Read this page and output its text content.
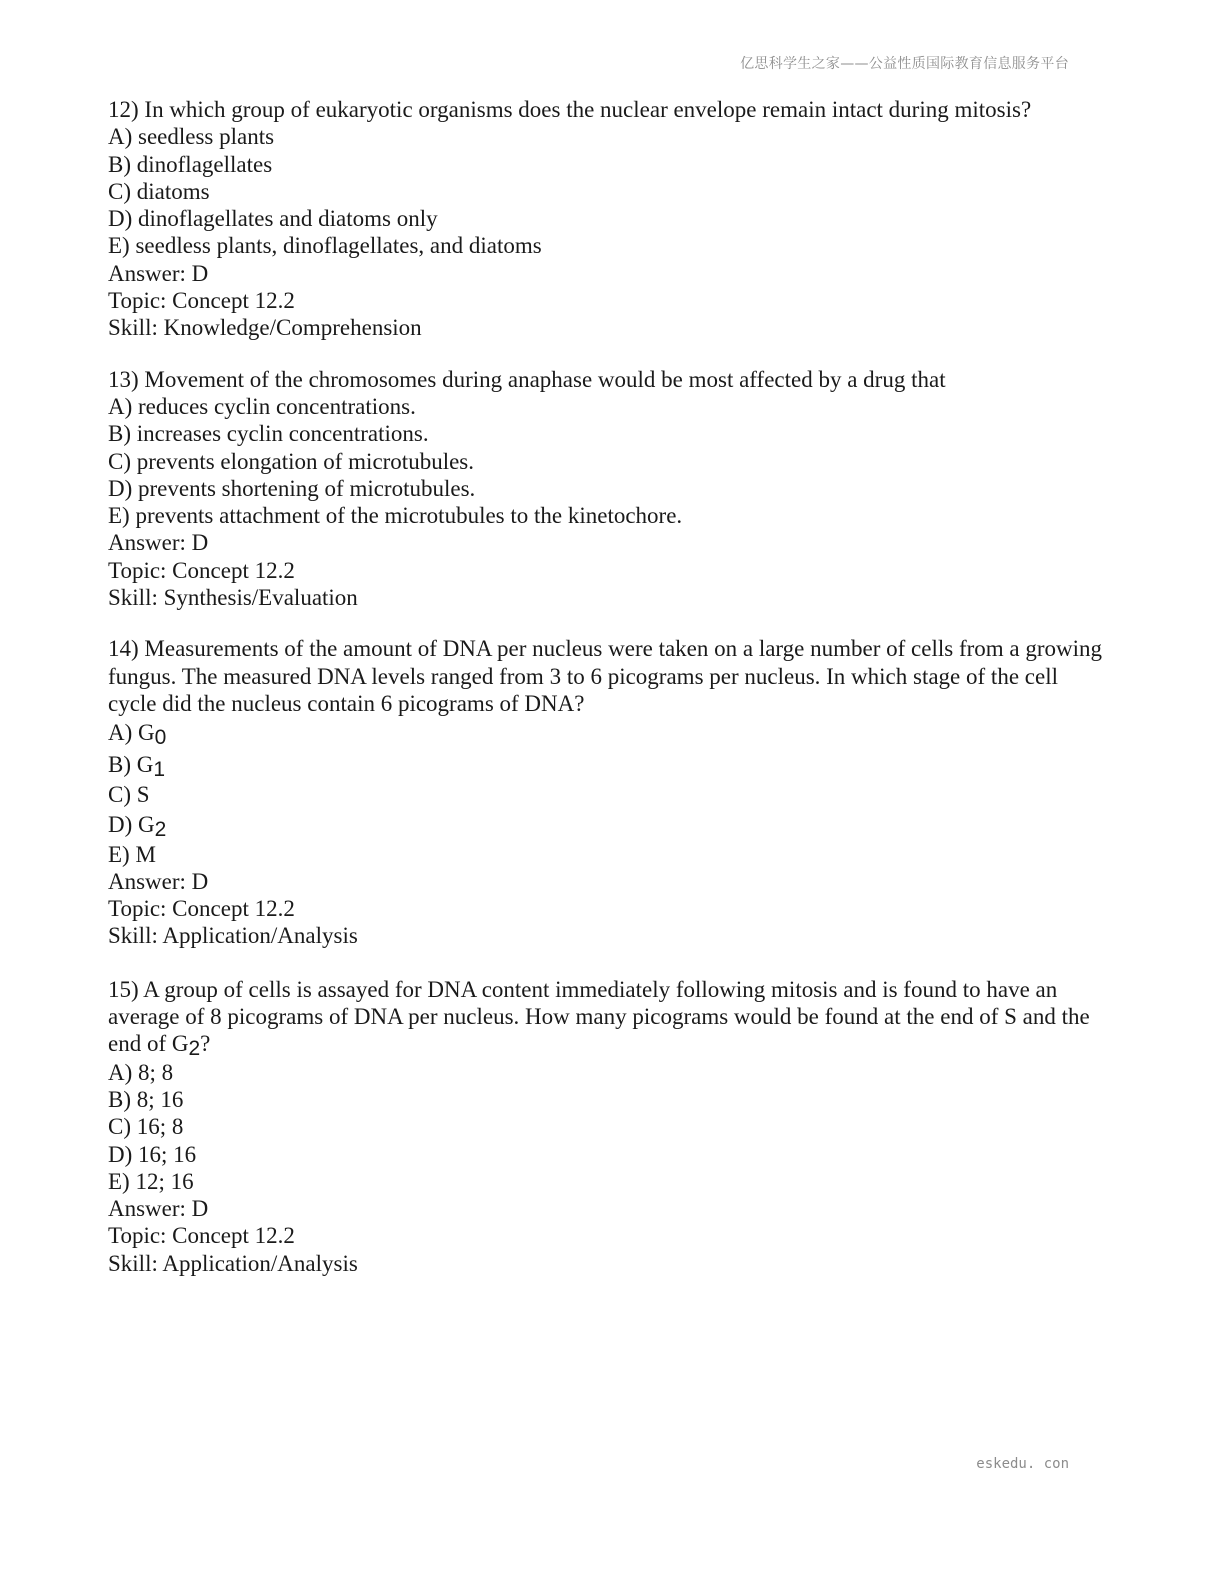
亿思科学生之家——公益性质国际教育信息服务平台
12) In which group of eukaryotic organisms does the nuclear envelope remain intact during mitosis?
A) seedless plants
B) dinoflagellates
C) diatoms
D) dinoflagellates and diatoms only
E) seedless plants, dinoflagellates, and diatoms
Answer: D
Topic: Concept 12.2
Skill: Knowledge/Comprehension
13) Movement of the chromosomes during anaphase would be most affected by a drug that
A) reduces cyclin concentrations.
B) increases cyclin concentrations.
C) prevents elongation of microtubules.
D) prevents shortening of microtubules.
E) prevents attachment of the microtubules to the kinetochore.
Answer: D
Topic: Concept 12.2
Skill: Synthesis/Evaluation
14) Measurements of the amount of DNA per nucleus were taken on a large number of cells from a growing fungus. The measured DNA levels ranged from 3 to 6 picograms per nucleus. In which stage of the cell cycle did the nucleus contain 6 picograms of DNA?
A) G0
B) G1
C) S
D) G2
E) M
Answer: D
Topic: Concept 12.2
Skill: Application/Analysis
15) A group of cells is assayed for DNA content immediately following mitosis and is found to have an average of 8 picograms of DNA per nucleus. How many picograms would be found at the end of S and the end of G2?
A) 8; 8
B) 8; 16
C) 16; 8
D) 16; 16
E) 12; 16
Answer: D
Topic: Concept 12.2
Skill: Application/Analysis
eskedu. con
